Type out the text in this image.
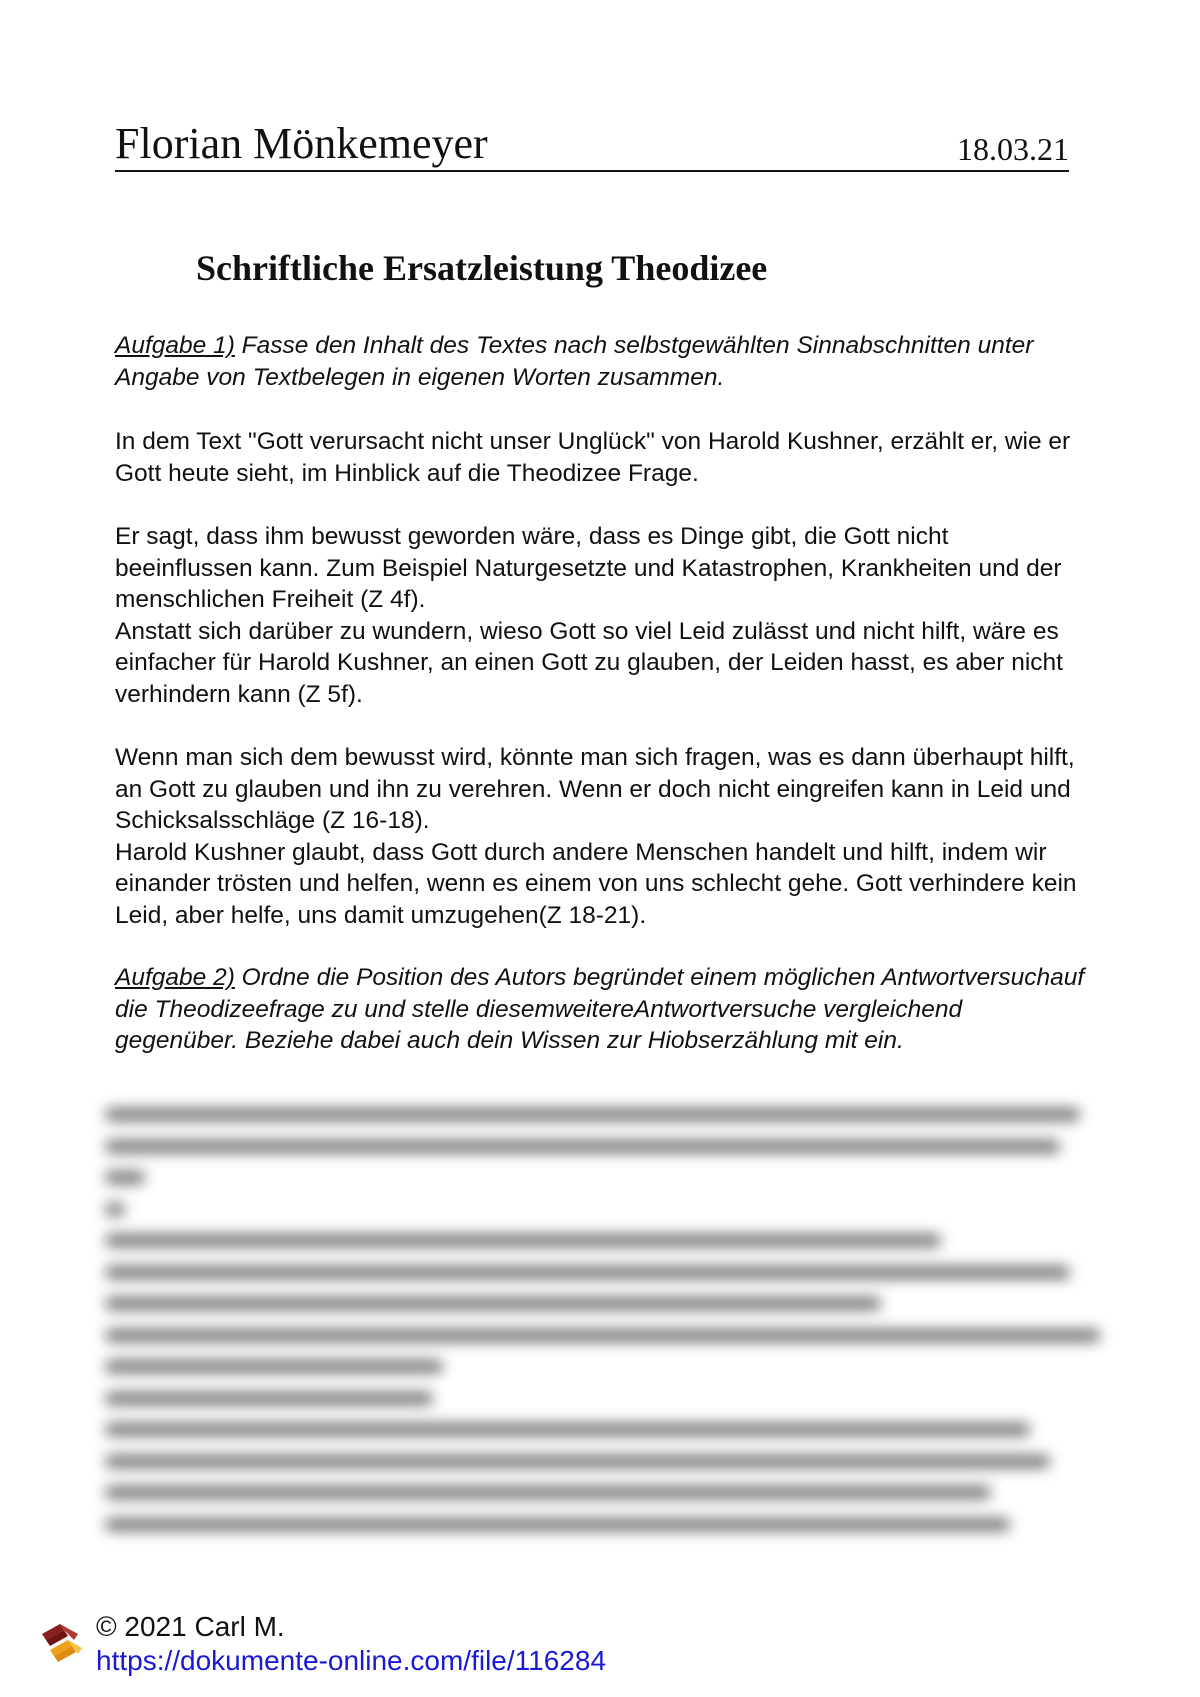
Florian Mönkemeyer	18.03.21
Schriftliche Ersatzleistung Theodizee

Aufgabe 1) Fasse den Inhalt des Textes nach selbstgewählten Sinnabschnitten unter Angabe von Textbelegen in eigenen Worten zusammen.

In dem Text "Gott verursacht nicht unser Unglück" von Harold Kushner, erzählt er, wie er Gott heute sieht, im Hinblick auf die Theodizee Frage.

Er sagt, dass ihm bewusst geworden wäre, dass es Dinge gibt, die Gott nicht beeinflussen kann. Zum Beispiel Naturgesetzte und Katastrophen, Krankheiten und der menschlichen Freiheit (Z 4f).

Anstatt sich darüber zu wundern, wieso Gott so viel Leid zulässt und nicht hilft, wäre es einfacher für Harold Kushner, an einen Gott zu glauben, der Leiden hasst, es aber nicht verhindern kann (Z 5f).

Wenn man sich dem bewusst wird, könnte man sich fragen, was es dann überhaupt hilft, an Gott zu glauben und ihn zu verehren. Wenn er doch nicht eingreifen kann in Leid und Schicksalsschläge (Z 16-18).

Harold Kushner glaubt, dass Gott durch andere Menschen handelt und hilft, indem wir einander trösten und helfen, wenn es einem von uns schlecht gehe. Gott verhindere kein Leid, aber helfe, uns damit umzugehen(Z 18-21).

Aufgabe 2) Ordne die Position des Autors begründet einem möglichen Antwortversuchauf die Theodizeefrage zu und stelle diesemweitereAntwortversuche vergleichend gegenüber. Beziehe dabei auch dein Wissen zur Hiobserzählung mit ein.

© 2021 Carl M.
https://dokumente-online.com/file/116284
